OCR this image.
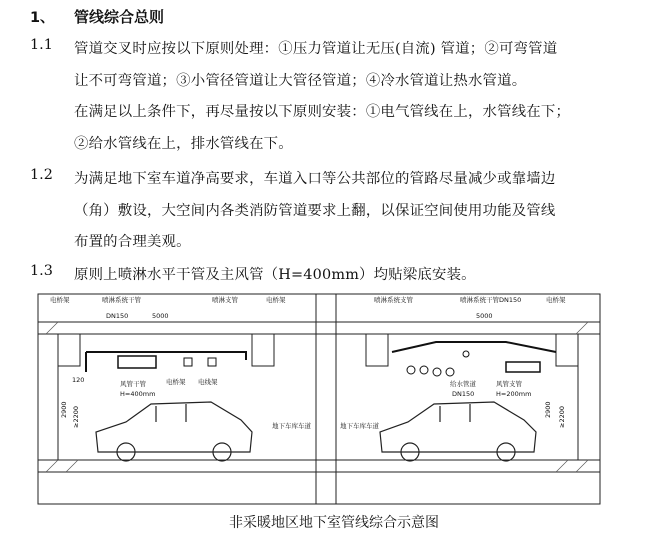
1、 管线综合总则
1.1 管道交叉时应按以下原则处理：①压力管道让无压(自流) 管道；②可弯管道
让不可弯管道；③小管径管道让大管径管道；④冷水管道让热水管道。
在满足以上条件下，再尽量按以下原则安装：①电气管线在上，水管线在下；
②给水管线在上，排水管线在下。
1.2 为满足地下室车道净高要求，车道入口等公共部位的管路尽量减少或靠墙边
（角）敷设，大空间内各类消防管道要求上翻，以保证空间使用功能及管线
布置的合理美观。
1.3 原则上喷淋水平干管及主风管（H=400mm）均贴梁底安装。
电桥架	喷淋系统干管	喷淋支管	电桥架
DN150	5000
电桥架 电线架
风管干管
H=400mm
120
2900 ≥2200	地下车库车道
喷淋系统支管	喷淋系统干管DN150	电桥架
5000
给水管道
DN150
风管支管
H=200mm
2900 ≥2200
地下车库车道
非采暖地区地下室管线综合示意图
